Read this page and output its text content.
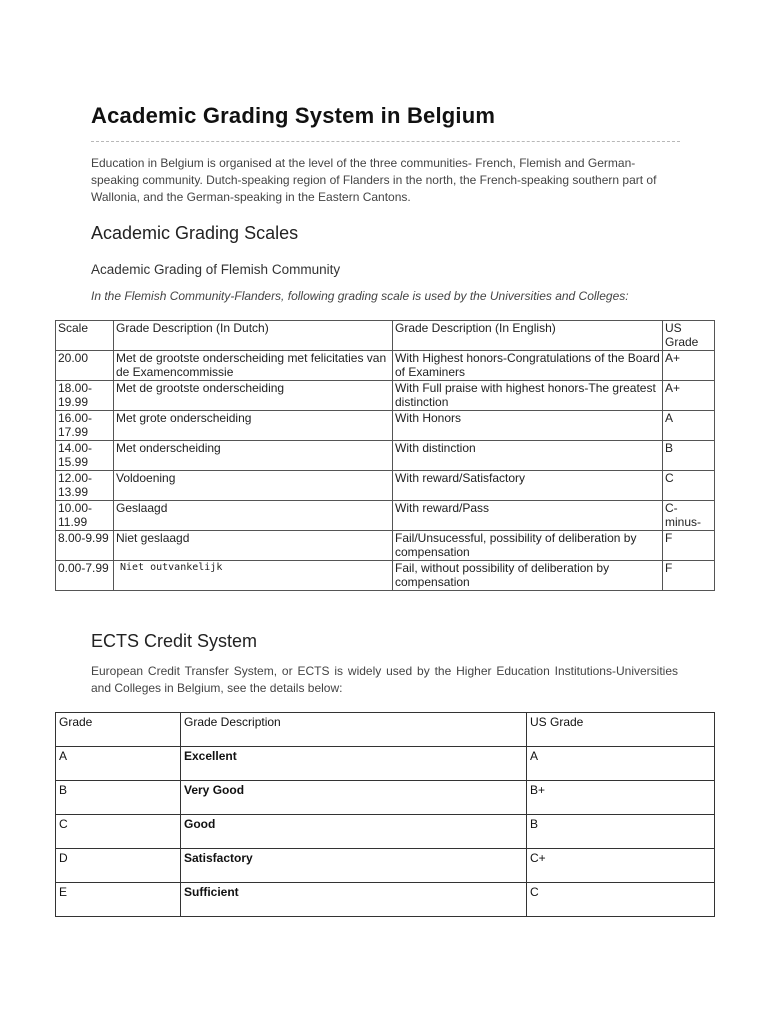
Academic Grading System in Belgium
Education in Belgium is organised at the level of the three communities- French, Flemish and German-speaking community. Dutch-speaking region of Flanders in the north, the French-speaking southern part of Wallonia, and the German-speaking in the Eastern Cantons.
Academic Grading Scales
Academic Grading of Flemish Community
In the Flemish Community-Flanders, following grading scale is used by the Universities and Colleges:
Scale	Grade Description (In Dutch)	Grade Description (In English)	US Grade
20.00	Met de grootste onderscheiding met felicitaties van de Examencommissie	With Highest honors-Congratulations of the Board of Examiners	A+
18.00-19.99	Met de grootste onderscheiding	With Full praise with highest honors-The greatest distinction	A+
16.00-17.99	Met grote onderscheiding	With Honors	A
14.00-15.99	Met onderscheiding	With distinction	B
12.00-13.99	Voldoening	With reward/Satisfactory	C
10.00-11.99	Geslaagd	With reward/Pass	C-minus-
8.00-9.99	Niet geslaagd	Fail/Unsucessful, possibility of deliberation by compensation	F
0.00-7.99	Niet outvankelijk	Fail, without possibility of deliberation by compensation	F
ECTS Credit System
European Credit Transfer System, or ECTS is widely used by the Higher Education Institutions-Universities and Colleges in Belgium, see the details below:
Grade	Grade Description	US Grade
A	Excellent	A
B	Very Good	B+
C	Good	B
D	Satisfactory	C+
E	Sufficient	C
